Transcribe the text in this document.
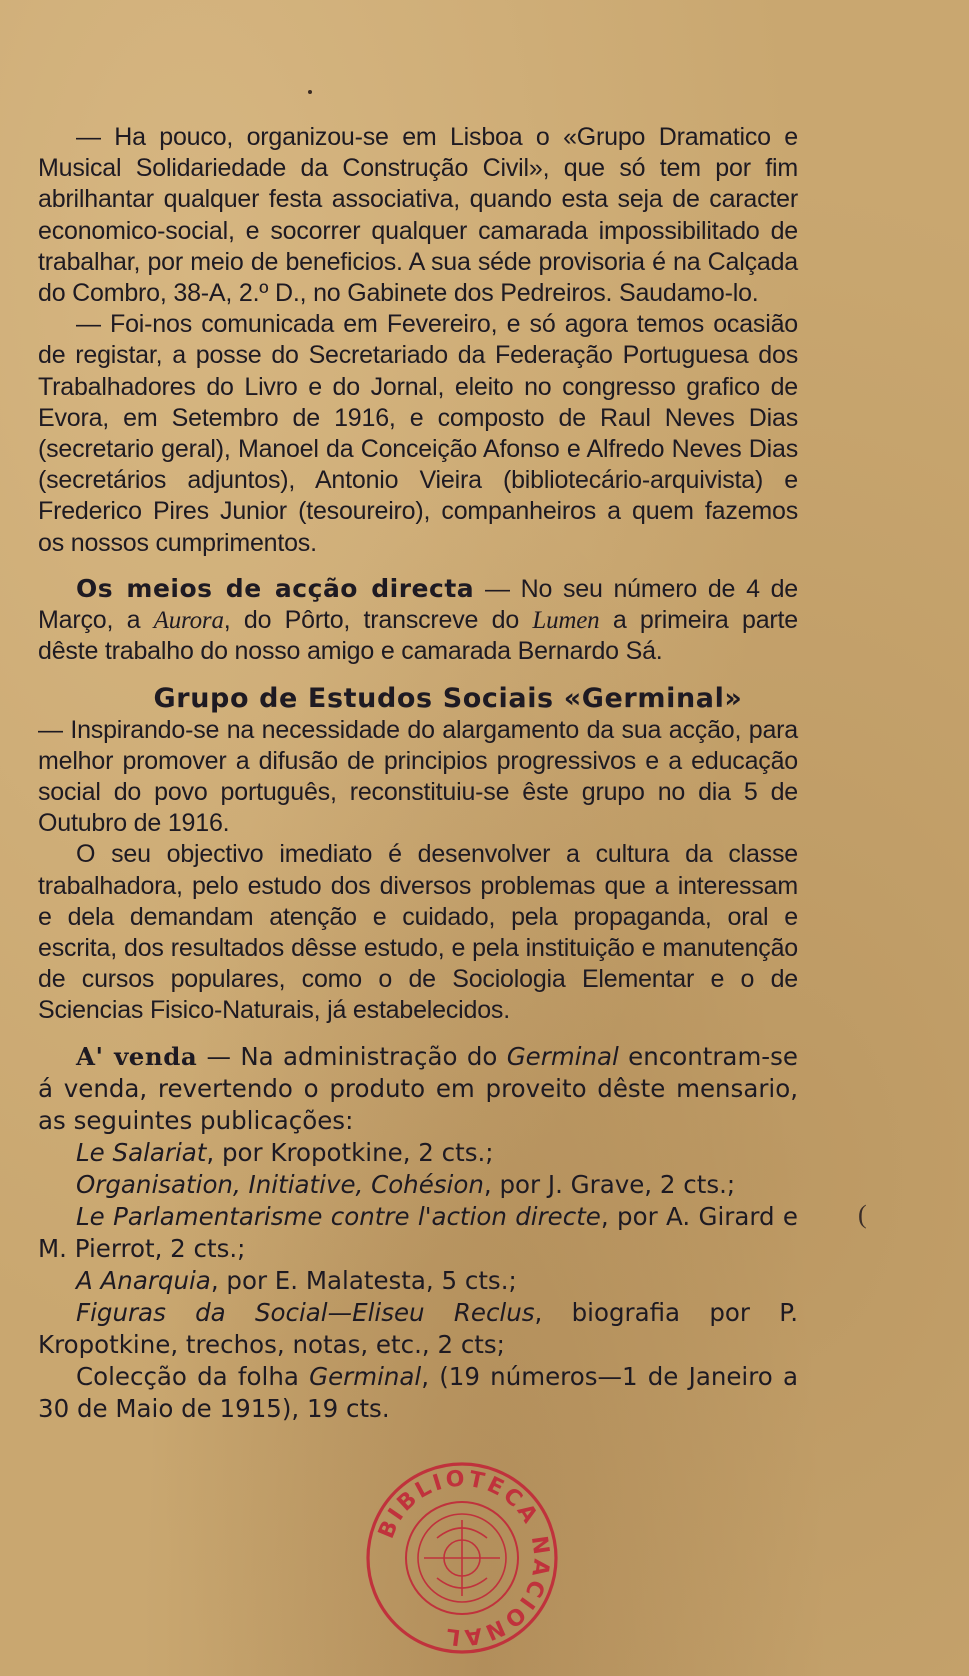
— Ha pouco, organizou-se em Lisboa o «Grupo Dramatico e Musical Solidariedade da Construção Civil», que só tem por fim abrilhantar qualquer festa associativa, quando esta seja de caracter economico-social, e socorrer qualquer camarada impossibilitado de trabalhar, por meio de beneficios. A sua séde provisoria é na Calçada do Combro, 38-A, 2.º D., no Gabinete dos Pedreiros. Saudamo-lo.

— Foi-nos comunicada em Fevereiro, e só agora temos ocasião de registar, a posse do Secretariado da Federação Portuguesa dos Trabalhadores do Livro e do Jornal, eleito no congresso grafico de Evora, em Setembro de 1916, e composto de Raul Neves Dias (secretario geral), Manoel da Conceição Afonso e Alfredo Neves Dias (secretários adjuntos), Antonio Vieira (bibliotecário-arquivista) e Frederico Pires Junior (tesoureiro), companheiros a quem fazemos os nossos cumprimentos.

Os meios de acção directa — No seu número de 4 de Março, a Aurora, do Pôrto, transcreve do Lumen a primeira parte dêste trabalho do nosso amigo e camarada Bernardo Sá.

Grupo de Estudos Sociais «Germinal»

— Inspirando-se na necessidade do alargamento da sua acção, para melhor promover a difusão de principios progressivos e a educação social do povo português, reconstituiu-se êste grupo no dia 5 de Outubro de 1916.

O seu objectivo imediato é desenvolver a cultura da classe trabalhadora, pelo estudo dos diversos problemas que a interessam e dela demandam atenção e cuidado, pela propaganda, oral e escrita, dos resultados dêsse estudo, e pela instituição e manutenção de cursos populares, como o de Sociologia Elementar e o de Sciencias Fisico-Naturais, já estabelecidos.

A' venda — Na administração do Germinal encontram-se á venda, revertendo o produto em proveito dêste mensario, as seguintes publicações:

Le Salariat, por Kropotkine, 2 cts.;

Organisation, Initiative, Cohésion, por J. Grave, 2 cts.;

Le Parlamentarisme contre l'action directe, por A. Girard e M. Pierrot, 2 cts.;

A Anarquia, por E. Malatesta, 5 cts.;

Figuras da Social—Eliseu Reclus, biografia por P. Kropotkine, trechos, notas, etc., 2 cts;

Colecção da folha Germinal, (19 números—1 de Janeiro a 30 de Maio de 1915), 19 cts.

BIBLIOTECA NACIONAL
(
